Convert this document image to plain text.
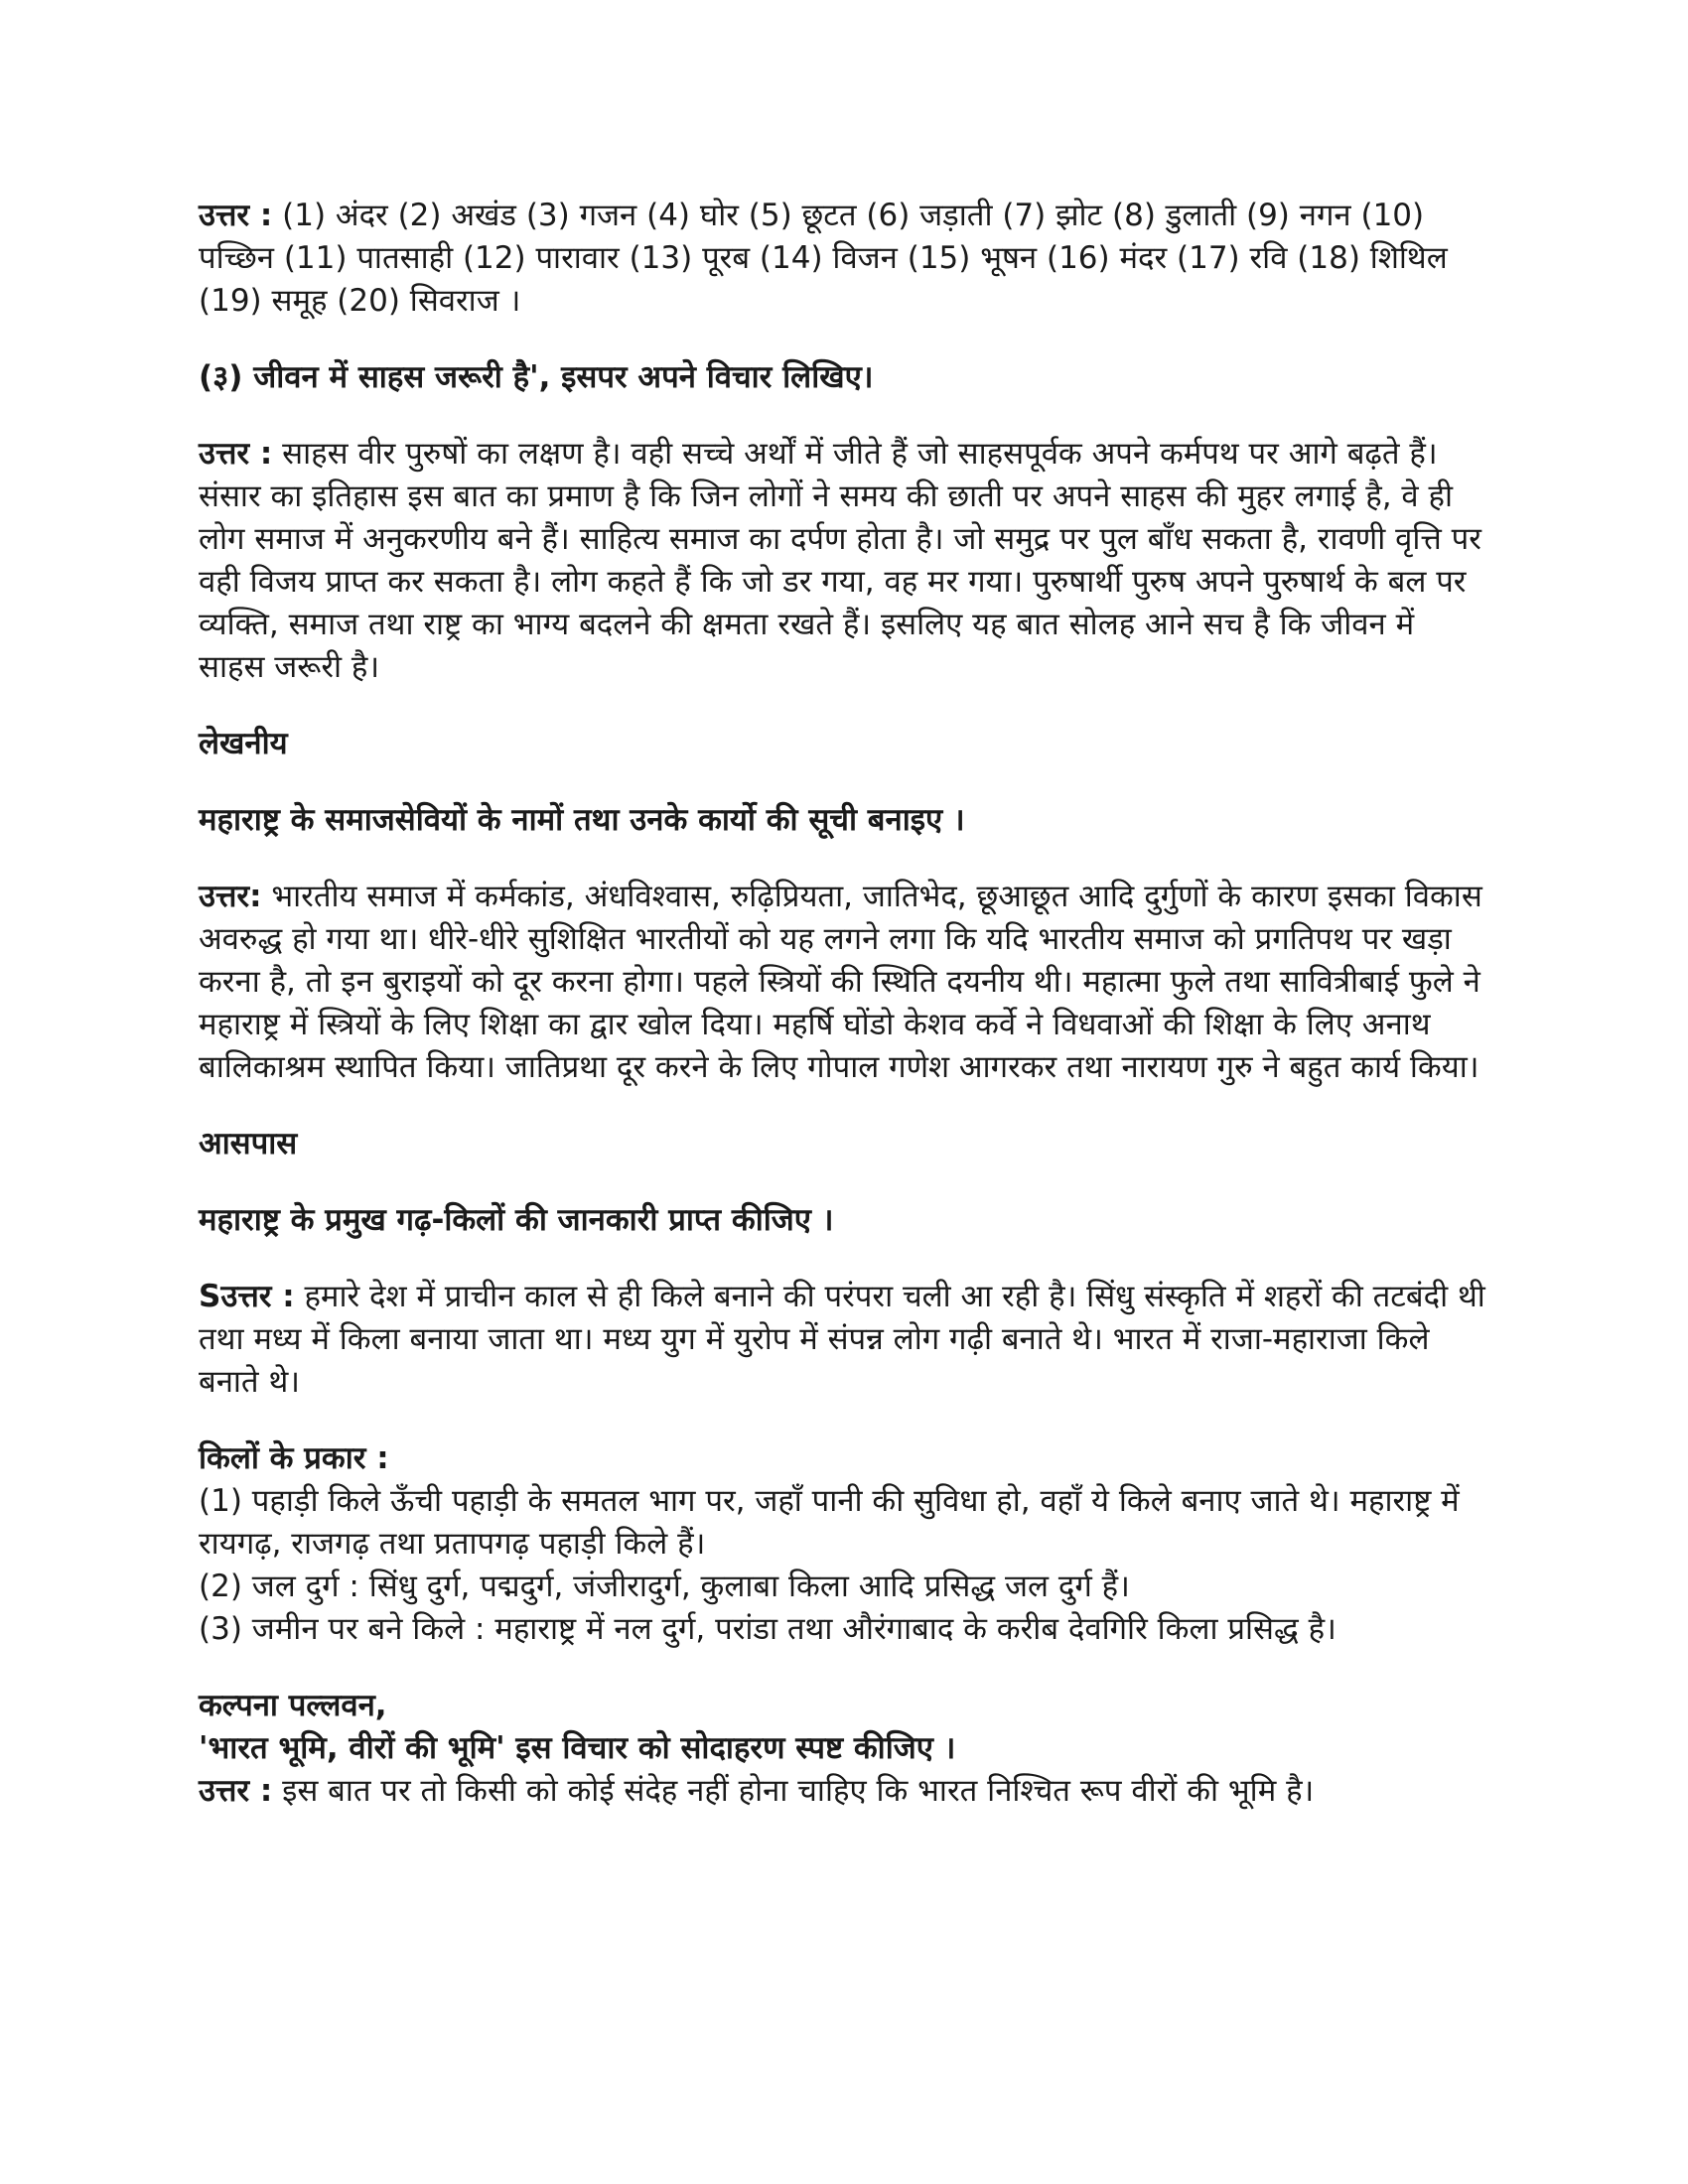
उत्तर : (1) अंदर (2) अखंड (3) गजन (4) घोर (5) छूटत (6) जड़ाती (7) झोट (8) डुलाती (9) नगन (10) पच्छिन (11) पातसाही (12) पारावार (13) पूरब (14) विजन (15) भूषन (16) मंदर (17) रवि (18) शिथिल (19) समूह (20) सिवराज ।

(३) जीवन में साहस जरूरी है', इसपर अपने विचार लिखिए।

उत्तर : साहस वीर पुरुषों का लक्षण है। वही सच्चे अर्थों में जीते हैं जो साहसपूर्वक अपने कर्मपथ पर आगे बढ़ते हैं। संसार का इतिहास इस बात का प्रमाण है कि जिन लोगों ने समय की छाती पर अपने साहस की मुहर लगाई है, वे ही लोग समाज में अनुकरणीय बने हैं। साहित्य समाज का दर्पण होता है। जो समुद्र पर पुल बाँध सकता है, रावणी वृत्ति पर वही विजय प्राप्त कर सकता है। लोग कहते हैं कि जो डर गया, वह मर गया। पुरुषार्थी पुरुष अपने पुरुषार्थ के बल पर व्यक्ति, समाज तथा राष्ट्र का भाग्य बदलने की क्षमता रखते हैं। इसलिए यह बात सोलह आने सच है कि जीवन में साहस जरूरी है।

लेखनीय

महाराष्ट्र के समाजसेवियों के नामों तथा उनके कार्यो की सूची बनाइए ।

उत्तर: भारतीय समाज में कर्मकांड, अंधविश्वास, रुढ़िप्रियता, जातिभेद, छूआछूत आदि दुर्गुणों के कारण इसका विकास अवरुद्ध हो गया था। धीरे-धीरे सुशिक्षित भारतीयों को यह लगने लगा कि यदि भारतीय समाज को प्रगतिपथ पर खड़ा करना है, तो इन बुराइयों को दूर करना होगा। पहले स्त्रियों की स्थिति दयनीय थी। महात्मा फुले तथा सावित्रीबाई फुले ने महाराष्ट्र में स्त्रियों के लिए शिक्षा का द्वार खोल दिया। महर्षि घोंडो केशव कर्वे ने विधवाओं की शिक्षा के लिए अनाथ बालिकाश्रम स्थापित किया। जातिप्रथा दूर करने के लिए गोपाल गणेश आगरकर तथा नारायण गुरु ने बहुत कार्य किया।

आसपास

महाराष्ट्र के प्रमुख गढ़-किलों की जानकारी प्राप्त कीजिए ।

Sउत्तर : हमारे देश में प्राचीन काल से ही किले बनाने की परंपरा चली आ रही है। सिंधु संस्कृति में शहरों की तटबंदी थी तथा मध्य में किला बनाया जाता था। मध्य युग में युरोप में संपन्न लोग गढ़ी बनाते थे। भारत में राजा-महाराजा किले बनाते थे।

किलों के प्रकार :

(1) पहाड़ी किले ऊँची पहाड़ी के समतल भाग पर, जहाँ पानी की सुविधा हो, वहाँ ये किले बनाए जाते थे। महाराष्ट्र में रायगढ़, राजगढ़ तथा प्रतापगढ़ पहाड़ी किले हैं।

(2) जल दुर्ग : सिंधु दुर्ग, पद्मदुर्ग, जंजीरादुर्ग, कुलाबा किला आदि प्रसिद्ध जल दुर्ग हैं।

(3) जमीन पर बने किले : महाराष्ट्र में नल दुर्ग, परांडा तथा औरंगाबाद के करीब देवगिरि किला प्रसिद्ध है।

कल्पना पल्लवन,

'भारत भूमि, वीरों की भूमि' इस विचार को सोदाहरण स्पष्ट कीजिए ।

उत्तर : इस बात पर तो किसी को कोई संदेह नहीं होना चाहिए कि भारत निश्चित रूप वीरों की भूमि है।
